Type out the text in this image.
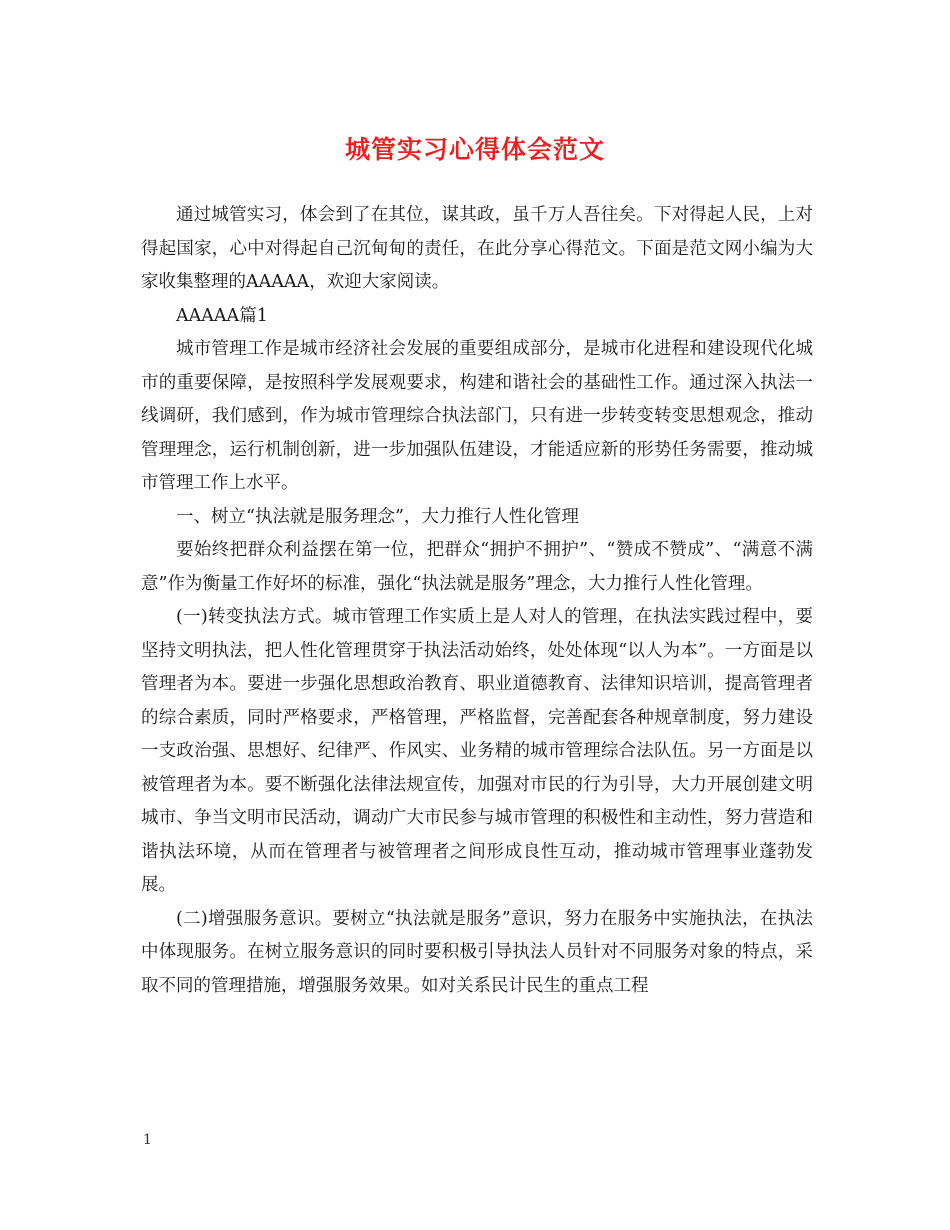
城管实习心得体会范文

通过城管实习，体会到了在其位，谋其政，虽千万人吾往矣。下对得起人民，上对得起国家，心中对得起自己沉甸甸的责任，在此分享心得范文。下面是范文网小编为大家收集整理的AAAAA，欢迎大家阅读。

AAAAA篇1

城市管理工作是城市经济社会发展的重要组成部分，是城市化进程和建设现代化城市的重要保障，是按照科学发展观要求，构建和谐社会的基础性工作。通过深入执法一线调研，我们感到，作为城市管理综合执法部门，只有进一步转变转变思想观念，推动管理理念，运行机制创新，进一步加强队伍建设，才能适应新的形势任务需要，推动城市管理工作上水平。

一、树立“执法就是服务理念”，大力推行人性化管理

要始终把群众利益摆在第一位，把群众“拥护不拥护”、“赞成不赞成”、“满意不满意”作为衡量工作好坏的标准，强化“执法就是服务”理念，大力推行人性化管理。

(一)转变执法方式。城市管理工作实质上是人对人的管理，在执法实践过程中，要坚持文明执法，把人性化管理贯穿于执法活动始终，处处体现“以人为本”。一方面是以管理者为本。要进一步强化思想政治教育、职业道德教育、法律知识培训，提高管理者的综合素质，同时严格要求，严格管理，严格监督，完善配套各种规章制度，努力建设一支政治强、思想好、纪律严、作风实、业务精的城市管理综合法队伍。另一方面是以被管理者为本。要不断强化法律法规宣传，加强对市民的行为引导，大力开展创建文明城市、争当文明市民活动，调动广大市民参与城市管理的积极性和主动性，努力营造和谐执法环境，从而在管理者与被管理者之间形成良性互动，推动城市管理事业蓬勃发展。

(二)增强服务意识。要树立“执法就是服务”意识，努力在服务中实施执法，在执法中体现服务。在树立服务意识的同时要积极引导执法人员针对不同服务对象的特点，采取不同的管理措施，增强服务效果。如对关系民计民生的重点工程

1
